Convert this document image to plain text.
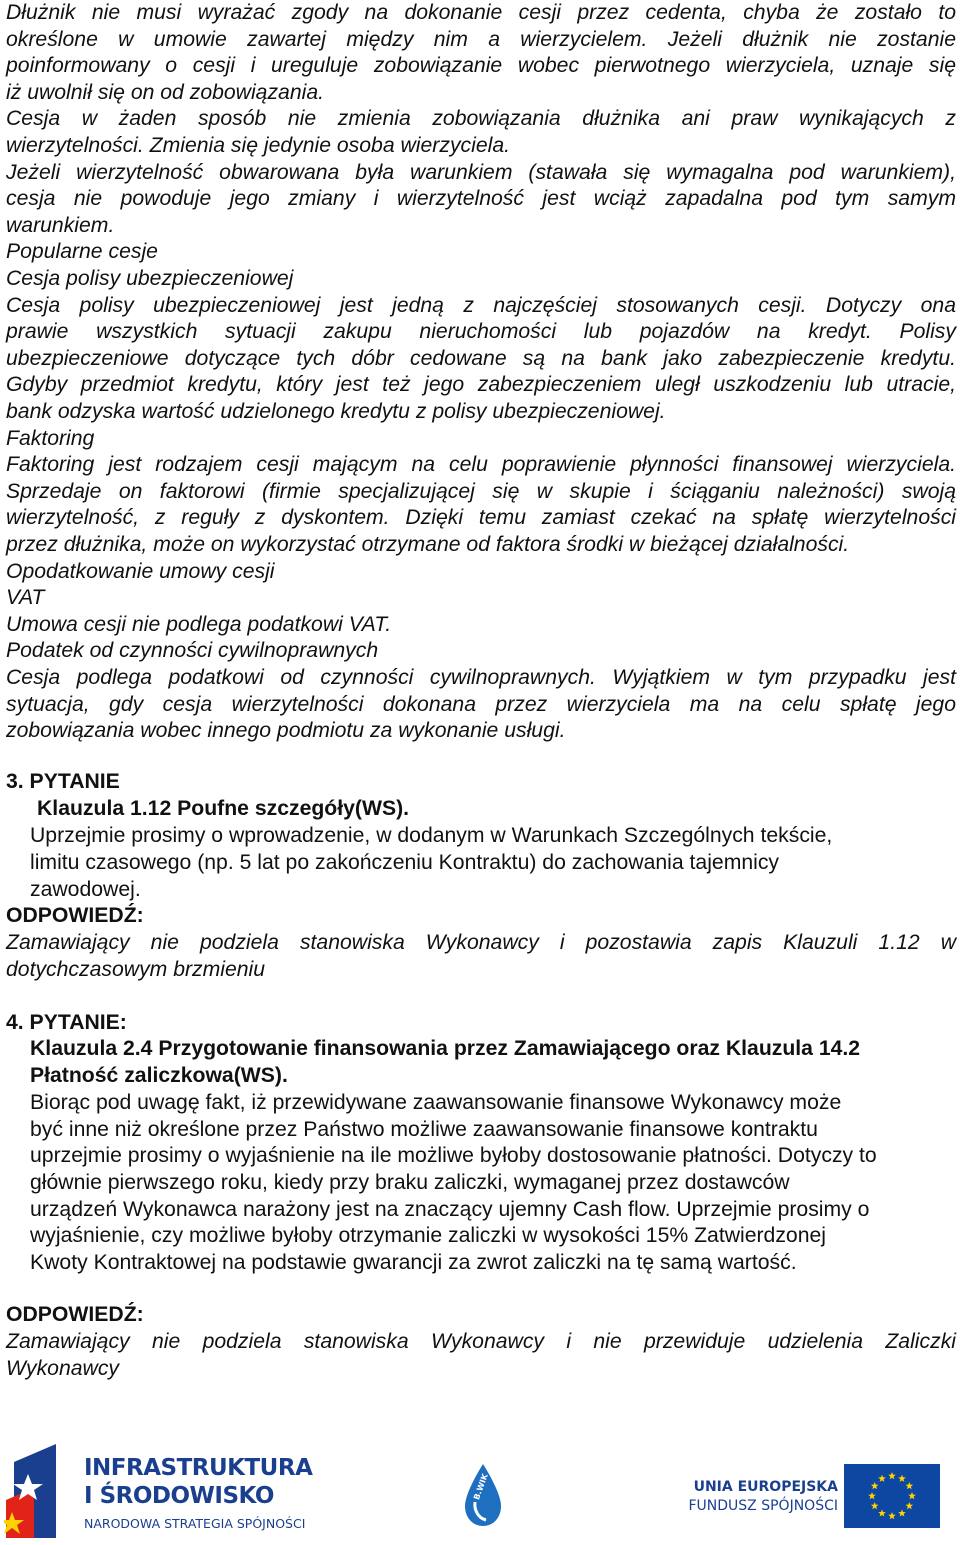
Dłużnik nie musi wyrażać zgody na dokonanie cesji przez cedenta, chyba że zostało to
określone w umowie zawartej między nim a wierzycielem. Jeżeli dłużnik nie zostanie
poinformowany o cesji i ureguluje zobowiązanie wobec pierwotnego wierzyciela, uznaje się
iż uwolnił się on od zobowiązania.
Cesja w żaden sposób nie zmienia zobowiązania dłużnika ani praw wynikających z
wierzytelności. Zmienia się jedynie osoba wierzyciela.
Jeżeli wierzytelność obwarowana była warunkiem (stawała się wymagalna pod warunkiem),
cesja nie powoduje jego zmiany i wierzytelność jest wciąż zapadalna pod tym samym
warunkiem.
Popularne cesje
Cesja polisy ubezpieczeniowej
Cesja polisy ubezpieczeniowej jest jedną z najczęściej stosowanych cesji. Dotyczy ona
prawie wszystkich sytuacji zakupu nieruchomości lub pojazdów na kredyt. Polisy
ubezpieczeniowe dotyczące tych dóbr cedowane są na bank jako zabezpieczenie kredytu.
Gdyby przedmiot kredytu, który jest też jego zabezpieczeniem uległ uszkodzeniu lub utracie,
bank odzyska wartość udzielonego kredytu z polisy ubezpieczeniowej.
Faktoring
Faktoring jest rodzajem cesji mającym na celu poprawienie płynności finansowej wierzyciela.
Sprzedaje on faktorowi (firmie specjalizującej się w skupie i ściąganiu należności) swoją
wierzytelność, z reguły z dyskontem. Dzięki temu zamiast czekać na spłatę wierzytelności
przez dłużnika, może on wykorzystać otrzymane od faktora środki w bieżącej działalności.
Opodatkowanie umowy cesji
VAT
Umowa cesji nie podlega podatkowi VAT.
Podatek od czynności cywilnoprawnych
Cesja podlega podatkowi od czynności cywilnoprawnych. Wyjątkiem w tym przypadku jest
sytuacja, gdy cesja wierzytelności dokonana przez wierzyciela ma na celu spłatę jego
zobowiązania wobec innego podmiotu za wykonanie usługi.
3. PYTANIE
Klauzula 1.12 Poufne szczegóły(WS).
Uprzejmie prosimy o wprowadzenie, w dodanym w Warunkach Szczególnych tekście,
limitu czasowego (np. 5 lat po zakończeniu Kontraktu) do zachowania tajemnicy
zawodowej.
ODPOWIEDŹ:
Zamawiający nie podziela stanowiska Wykonawcy i pozostawia zapis Klauzuli 1.12 w
dotychczasowym brzmieniu
4. PYTANIE:
Klauzula 2.4 Przygotowanie finansowania przez Zamawiającego oraz Klauzula 14.2
Płatność zaliczkowa(WS).
Biorąc pod uwagę fakt, iż przewidywane zaawansowanie finansowe Wykonawcy może
być inne niż określone przez Państwo możliwe zaawansowanie finansowe kontraktu
uprzejmie prosimy o wyjaśnienie na ile możliwe byłoby dostosowanie płatności. Dotyczy to
głównie pierwszego roku, kiedy przy braku zaliczki, wymaganej przez dostawców
urządzeń Wykonawca narażony jest na znaczący ujemny Cash flow. Uprzejmie prosimy o
wyjaśnienie, czy możliwe byłoby otrzymanie zaliczki w wysokości 15% Zatwierdzonej
Kwoty Kontraktowej na podstawie gwarancji za zwrot zaliczki na tę samą wartość.
ODPOWIEDŹ:
Zamawiający nie podziela stanowiska Wykonawcy i nie przewiduje udzielenia Zaliczki
Wykonawcy
INFRASTRUKTURA
I ŚRODOWISKO
NARODOWA STRATEGIA SPÓJNOŚCI
B.WIK	UNIA EUROPEJSKA
FUNDUSZ SPÓJNOŚCI
